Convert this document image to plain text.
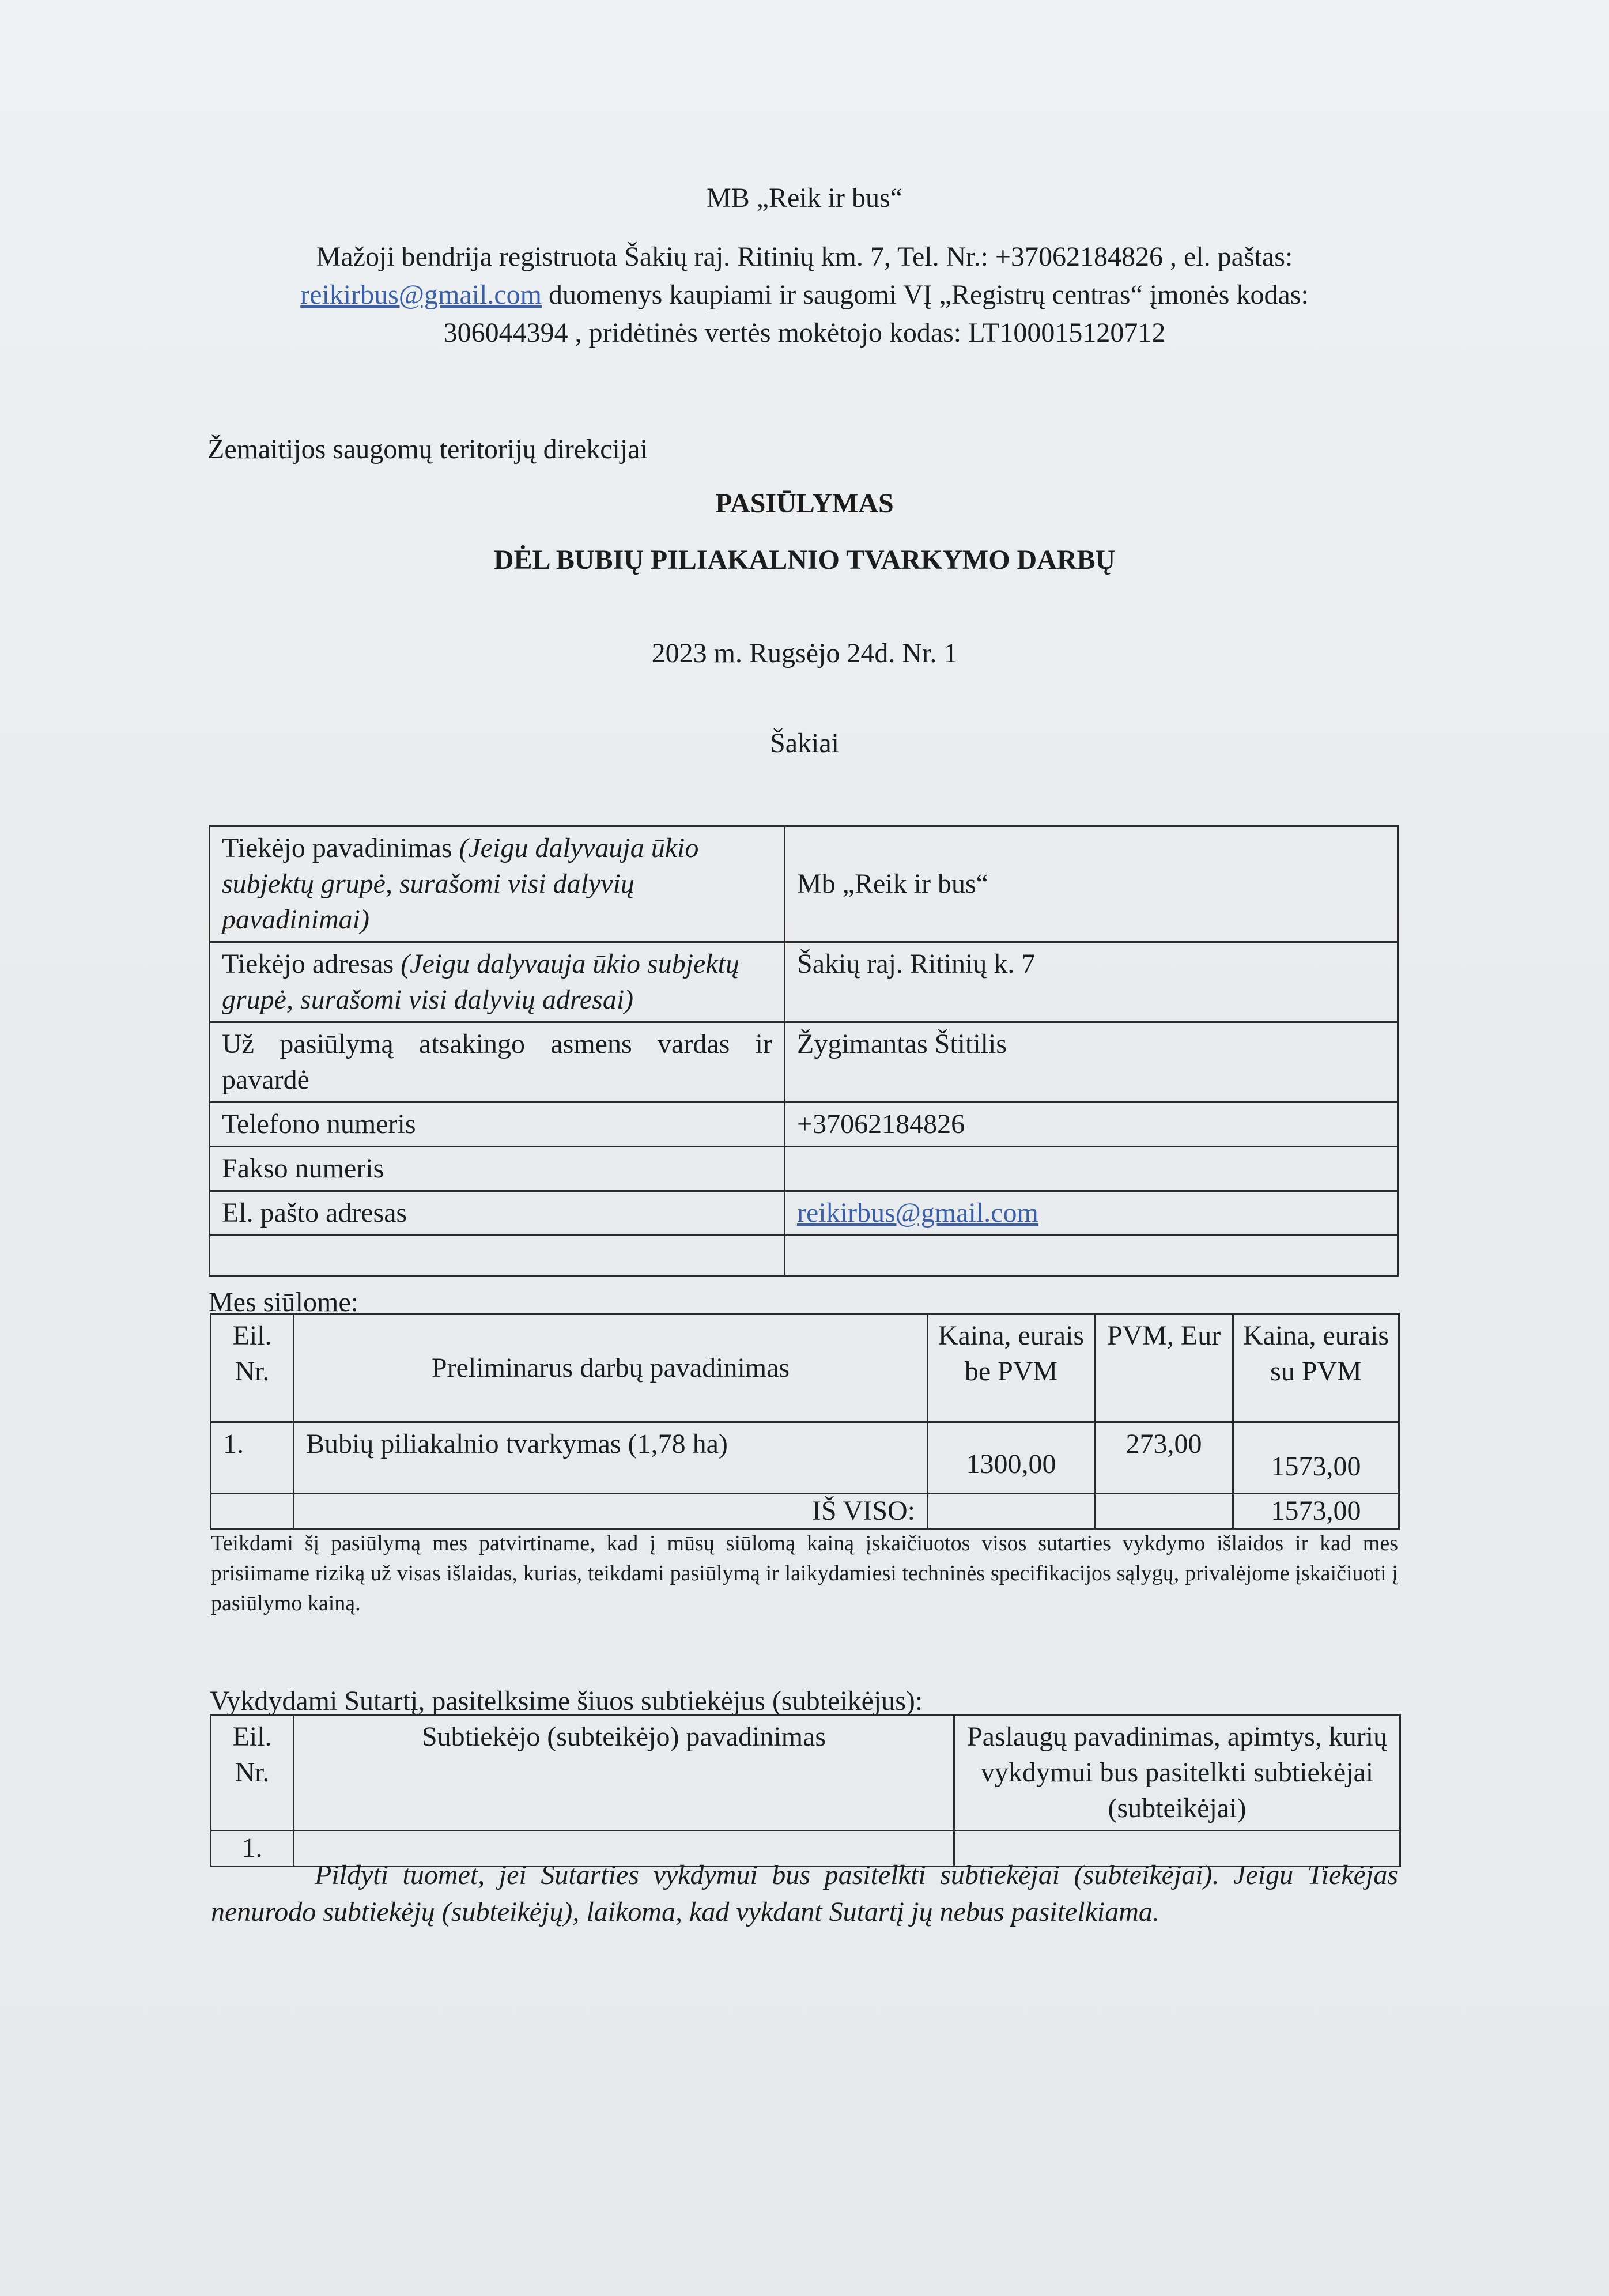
MB „Reik ir bus“
Mažoji bendrija registruota Šakių raj. Ritinių km. 7, Tel. Nr.: +37062184826 , el. paštas:
reikirbus@gmail.com duomenys kaupiami ir saugomi VĮ „Registrų centras“ įmonės kodas:
306044394 , pridėtinės vertės mokėtojo kodas: LT100015120712
Žemaitijos saugomų teritorijų direkcijai
PASIŪLYMAS
DĖL BUBIŲ PILIAKALNIO TVARKYMO DARBŲ
2023 m. Rugsėjo 24d. Nr. 1
Šakiai
Tiekėjo pavadinimas (Jeigu dalyvauja ūkio subjektų grupė, surašomi visi dalyvių pavadinimai)	Mb „Reik ir bus“
Tiekėjo adresas (Jeigu dalyvauja ūkio subjektų grupė, surašomi visi dalyvių adresai)	Šakių raj. Ritinių k. 7
Už pasiūlymą atsakingo asmens vardas ir pavardė	Žygimantas Štitilis
Telefono numeris	+37062184826
Fakso numeris	
El. pašto adresas	reikirbus@gmail.com

Mes siūlome:
Eil. Nr.	Preliminarus darbų pavadinimas	Kaina, eurais be PVM	PVM, Eur	Kaina, eurais su PVM
1.	Bubių piliakalnio tvarkymas (1,78 ha)	1300,00	273,00	1573,00
	IŠ VISO:			1573,00
Teikdami šį pasiūlymą mes patvirtiname, kad į mūsų siūlomą kainą įskaičiuotos visos sutarties vykdymo išlaidos ir kad mes prisiimame riziką už visas išlaidas, kurias, teikdami pasiūlymą ir laikydamiesi techninės specifikacijos sąlygų, privalėjome įskaičiuoti į pasiūlymo kainą.
Vykdydami Sutartį, pasitelksime šiuos subtiekėjus (subteikėjus):
Eil. Nr.	Subtiekėjo (subteikėjo) pavadinimas	Paslaugų pavadinimas, apimtys, kurių vykdymui bus pasitelkti subtiekėjai (subteikėjai)
1.		
Pildyti tuomet, jei Sutarties vykdymui bus pasitelkti subtiekėjai (subteikėjai). Jeigu Tiekėjas nenurodo subtiekėjų (subteikėjų), laikoma, kad vykdant Sutartį jų nebus pasitelkiama.
